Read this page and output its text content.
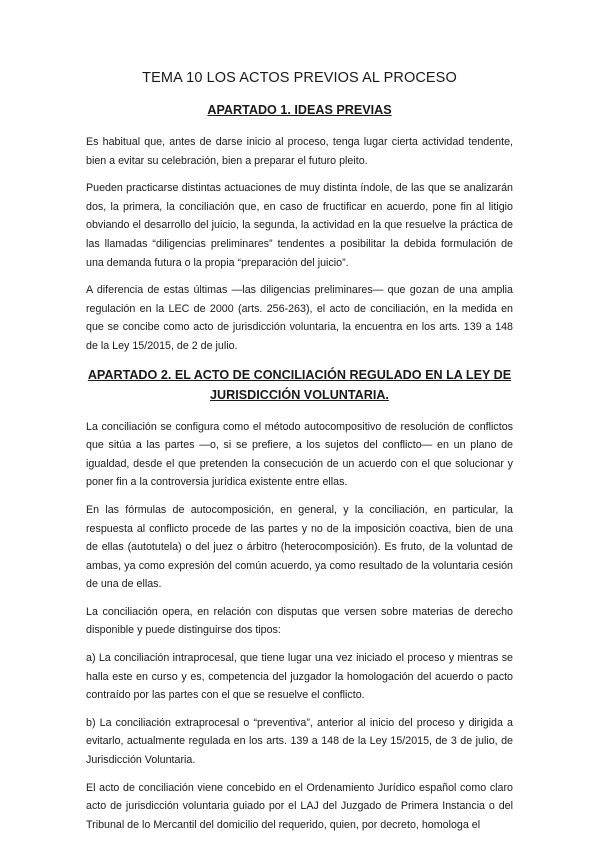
TEMA 10 LOS ACTOS PREVIOS AL PROCESO
APARTADO 1. IDEAS PREVIAS

Es habitual que, antes de darse inicio al proceso, tenga lugar cierta actividad tendente, bien a evitar su celebración, bien a preparar el futuro pleito.

Pueden practicarse distintas actuaciones de muy distinta índole, de las que se analizarán dos, la primera, la conciliación que, en caso de fructificar en acuerdo, pone fin al litigio obviando el desarrollo del juicio, la segunda, la actividad en la que resuelve la práctica de las llamadas “diligencias preliminares” tendentes a posibilitar la debida formulación de una demanda futura o la propia “preparación del juicio”.

A diferencia de estas últimas —las diligencias preliminares— que gozan de una amplia regulación en la LEC de 2000 (arts. 256-263), el acto de conciliación, en la medida en que se concibe como acto de jurisdicción voluntaria, la encuentra en los arts. 139 a 148 de la Ley 15/2015, de 2 de julio.

APARTADO 2. EL ACTO DE CONCILIACIÓN REGULADO EN LA LEY DE JURISDICCIÓN VOLUNTARIA.

La conciliación se configura como el método autocompositivo de resolución de conflictos que sitúa a las partes —o, si se prefiere, a los sujetos del conflicto— en un plano de igualdad, desde el que pretenden la consecución de un acuerdo con el que solucionar y poner fin a la controversia jurídica existente entre ellas.

En las fórmulas de autocomposición, en general, y la conciliación, en particular, la respuesta al conflicto procede de las partes y no de la imposición coactiva, bien de una de ellas (autotutela) o del juez o árbitro (heterocomposición). Es fruto, de la voluntad de ambas, ya como expresión del común acuerdo, ya como resultado de la voluntaria cesión de una de ellas.

La conciliación opera, en relación con disputas que versen sobre materias de derecho disponible y puede distinguirse dos tipos:

a) La conciliación intraprocesal, que tiene lugar una vez iniciado el proceso y mientras se halla este en curso y es, competencia del juzgador la homologación del acuerdo o pacto contraído por las partes con el que se resuelve el conflicto.

b) La conciliación extraprocesal o “preventiva”, anterior al inicio del proceso y dirigida a evitarlo, actualmente regulada en los arts. 139 a 148 de la Ley 15/2015, de 3 de julio, de Jurisdicción Voluntaria.

El acto de conciliación viene concebido en el Ordenamiento Jurídico español como claro acto de jurisdicción voluntaria guiado por el LAJ del Juzgado de Primera Instancia o del Tribunal de lo Mercantil del domicilio del requerido, quien, por decreto, homologa el
